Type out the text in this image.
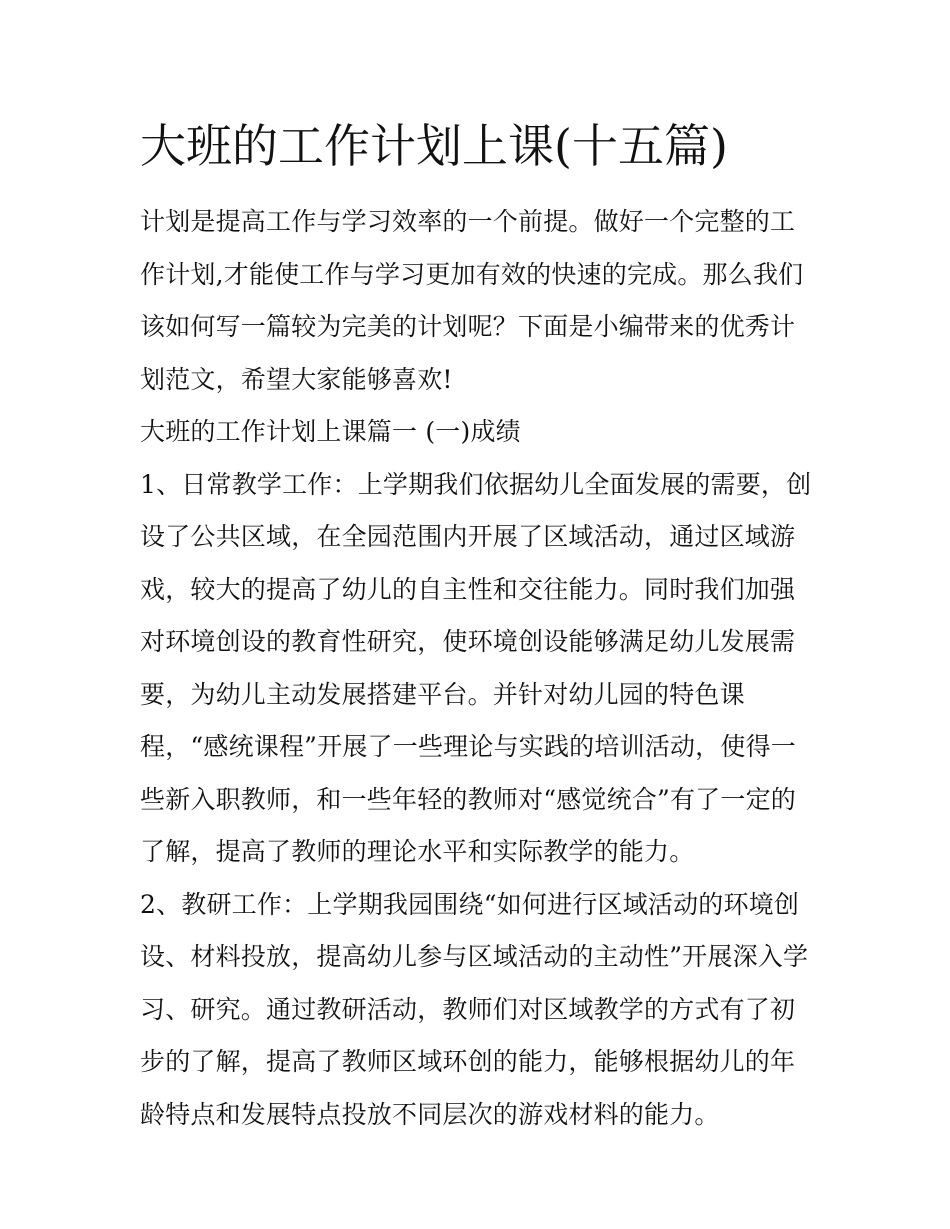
大班的工作计划上课(十五篇)

计划是提高工作与学习效率的一个前提。做好一个完整的工作计划,才能使工作与学习更加有效的快速的完成。那么我们该如何写一篇较为完美的计划呢？下面是小编带来的优秀计划范文，希望大家能够喜欢!

大班的工作计划上课篇一 (一)成绩

1、日常教学工作：上学期我们依据幼儿全面发展的需要，创设了公共区域，在全园范围内开展了区域活动，通过区域游戏，较大的提高了幼儿的自主性和交往能力。同时我们加强对环境创设的教育性研究，使环境创设能够满足幼儿发展需要，为幼儿主动发展搭建平台。并针对幼儿园的特色课程，“感统课程”开展了一些理论与实践的培训活动，使得一些新入职教师，和一些年轻的教师对“感觉统合”有了一定的了解，提高了教师的理论水平和实际教学的能力。

2、教研工作：上学期我园围绕“如何进行区域活动的环境创设、材料投放，提高幼儿参与区域活动的主动性”开展深入学习、研究。通过教研活动，教师们对区域教学的方式有了初步的了解，提高了教师区域环创的能力，能够根据幼儿的年龄特点和发展特点投放不同层次的游戏材料的能力。
